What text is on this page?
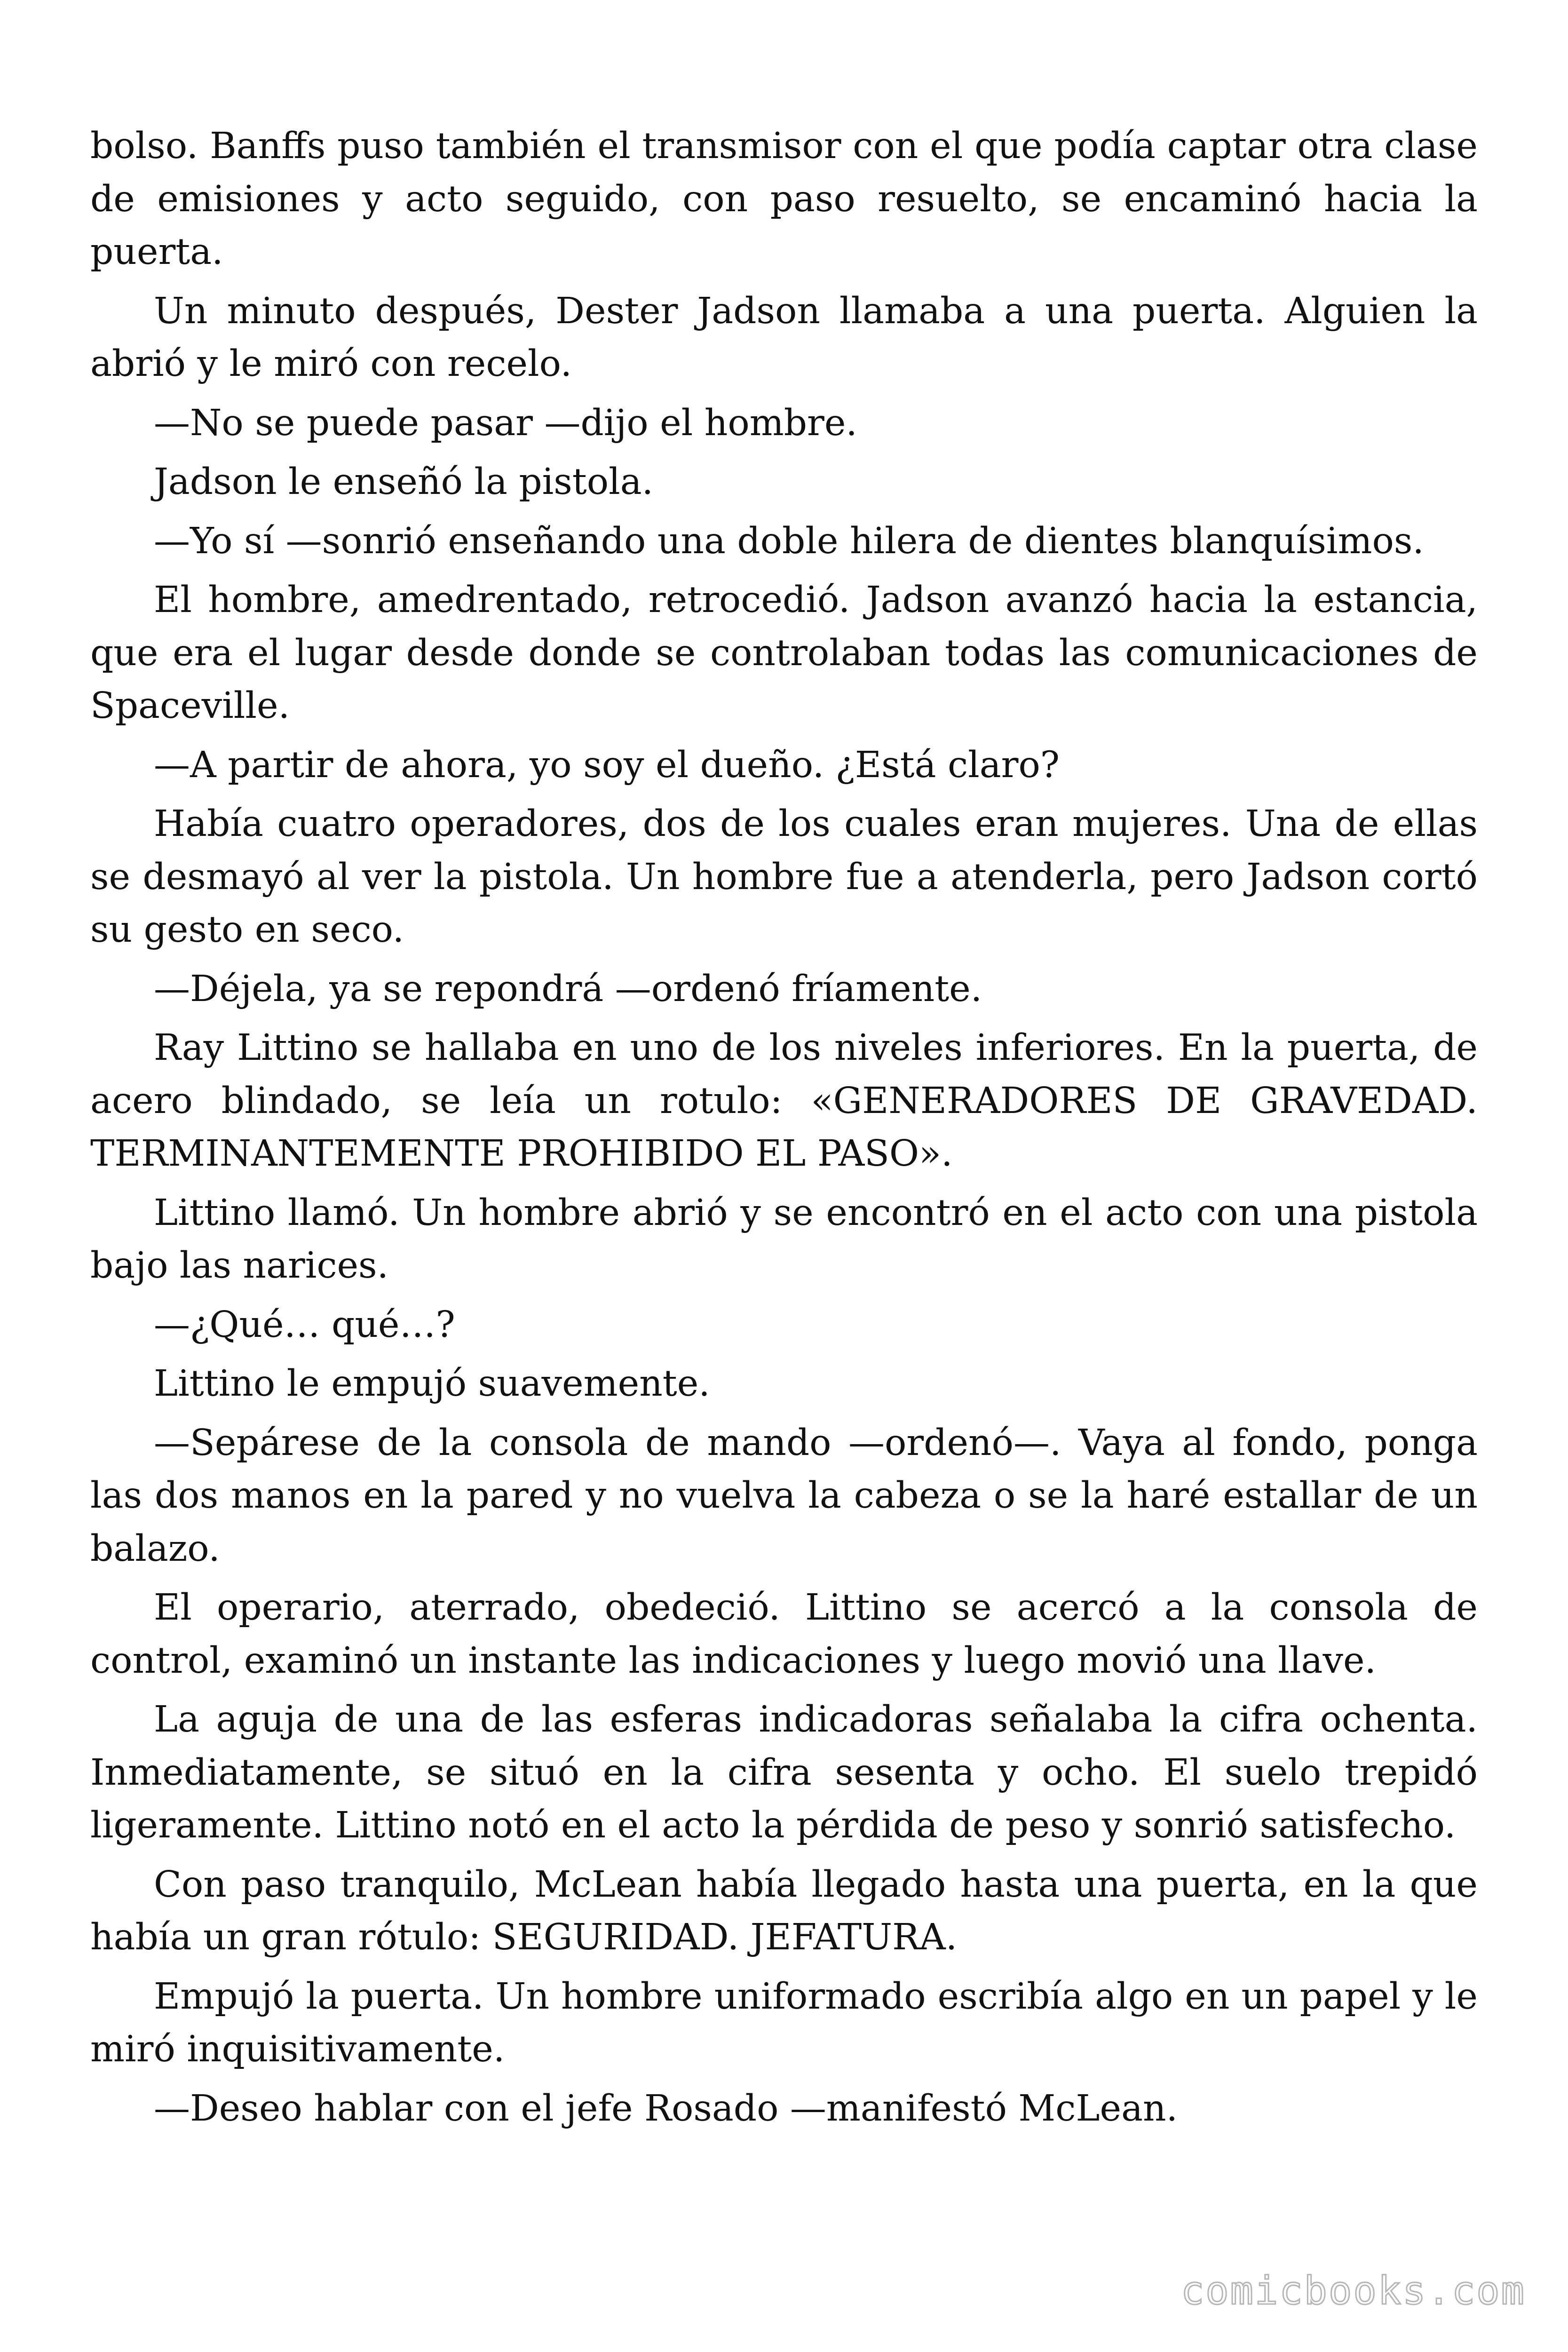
bolso. Banffs puso también el transmisor con el que podía captar otra clase de emisiones y acto seguido, con paso resuelto, se encaminó hacia la puerta.

Un minuto después, Dester Jadson llamaba a una puerta. Alguien la abrió y le miró con recelo.

—No se puede pasar —dijo el hombre.

Jadson le enseñó la pistola.

—Yo sí —sonrió enseñando una doble hilera de dientes blanquísimos.

El hombre, amedrentado, retrocedió. Jadson avanzó hacia la estancia, que era el lugar desde donde se controlaban todas las comunicaciones de Spaceville.

—A partir de ahora, yo soy el dueño. ¿Está claro?

Había cuatro operadores, dos de los cuales eran mujeres. Una de ellas se desmayó al ver la pistola. Un hombre fue a atenderla, pero Jadson cortó su gesto en seco.

—Déjela, ya se repondrá —ordenó fríamente.

Ray Littino se hallaba en uno de los niveles inferiores. En la puerta, de acero blindado, se leía un rotulo: «GENERADORES DE GRAVEDAD. TERMINANTEMENTE PROHIBIDO EL PASO».

Littino llamó. Un hombre abrió y se encontró en el acto con una pistola bajo las narices.

—¿Qué… qué…?

Littino le empujó suavemente.

—Sepárese de la consola de mando —ordenó—. Vaya al fondo, ponga las dos manos en la pared y no vuelva la cabeza o se la haré estallar de un balazo.

El operario, aterrado, obedeció. Littino se acercó a la consola de control, examinó un instante las indicaciones y luego movió una llave.

La aguja de una de las esferas indicadoras señalaba la cifra ochenta. Inmediatamente, se situó en la cifra sesenta y ocho. El suelo trepidó ligeramente. Littino notó en el acto la pérdida de peso y sonrió satisfecho.

Con paso tranquilo, McLean había llegado hasta una puerta, en la que había un gran rótulo: SEGURIDAD. JEFATURA.

Empujó la puerta. Un hombre uniformado escribía algo en un papel y le miró inquisitivamente.

—Deseo hablar con el jefe Rosado —manifestó McLean.

comicbooks.com
